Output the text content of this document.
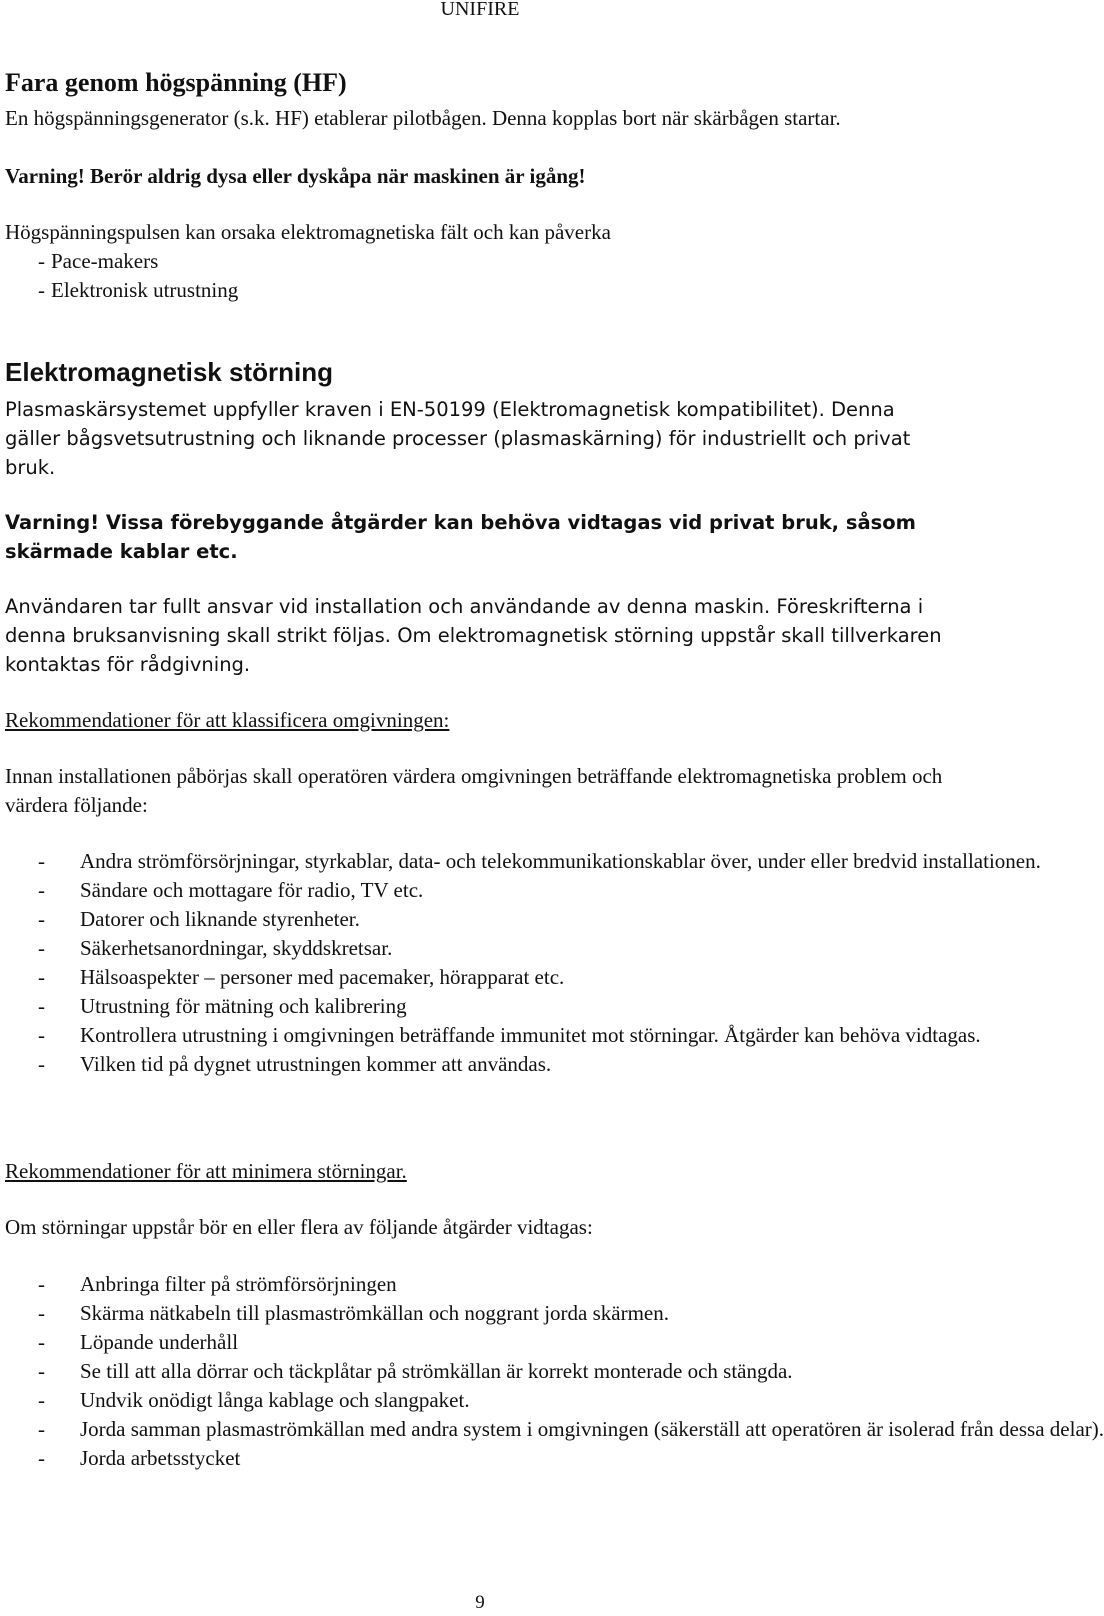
UNIFIRE
Fara genom högspänning (HF)
En högspänningsgenerator (s.k. HF) etablerar pilotbågen. Denna kopplas bort när skärbågen startar.
Varning! Berör aldrig dysa eller dyskåpa när maskinen är igång!
Högspänningspulsen kan orsaka elektromagnetiska fält och kan påverka
- Pace-makers
- Elektronisk utrustning
Elektromagnetisk störning
Plasmaskärsystemet uppfyller kraven i EN-50199 (Elektromagnetisk kompatibilitet). Denna gäller bågsvetsutrustning och liknande processer (plasmaskärning) för industriellt och privat bruk.
Varning! Vissa förebyggande åtgärder kan behöva vidtagas vid privat bruk, såsom skärmade kablar etc.
Användaren tar fullt ansvar vid installation och användande av denna maskin. Föreskrifterna i denna bruksanvisning skall strikt följas. Om elektromagnetisk störning uppstår skall tillverkaren kontaktas för rådgivning.
Rekommendationer för att klassificera omgivningen:
Innan installationen påbörjas skall operatören värdera omgivningen beträffande elektromagnetiska problem och värdera följande:
- Andra strömförsörjningar, styrkablar, data- och telekommunikationskablar över, under eller bredvid installationen.
- Sändare och mottagare för radio, TV etc.
- Datorer och liknande styrenheter.
- Säkerhetsanordningar, skyddskretsar.
- Hälsoaspekter – personer med pacemaker, hörapparat etc.
- Utrustning för mätning och kalibrering
- Kontrollera utrustning i omgivningen beträffande immunitet mot störningar. Åtgärder kan behöva vidtagas.
- Vilken tid på dygnet utrustningen kommer att användas.
Rekommendationer för att minimera störningar.
Om störningar uppstår bör en eller flera av följande åtgärder vidtagas:
- Anbringa filter på strömförsörjningen
- Skärma nätkabeln till plasmaströmkällan och noggrant jorda skärmen.
- Löpande underhåll
- Se till att alla dörrar och täckplåtar på strömkällan är korrekt monterade och stängda.
- Undvik onödigt långa kablage och slangpaket.
- Jorda samman plasmaströmkällan med andra system i omgivningen (säkerställ att operatören är isolerad från dessa delar).
- Jorda arbetsstycket
9
